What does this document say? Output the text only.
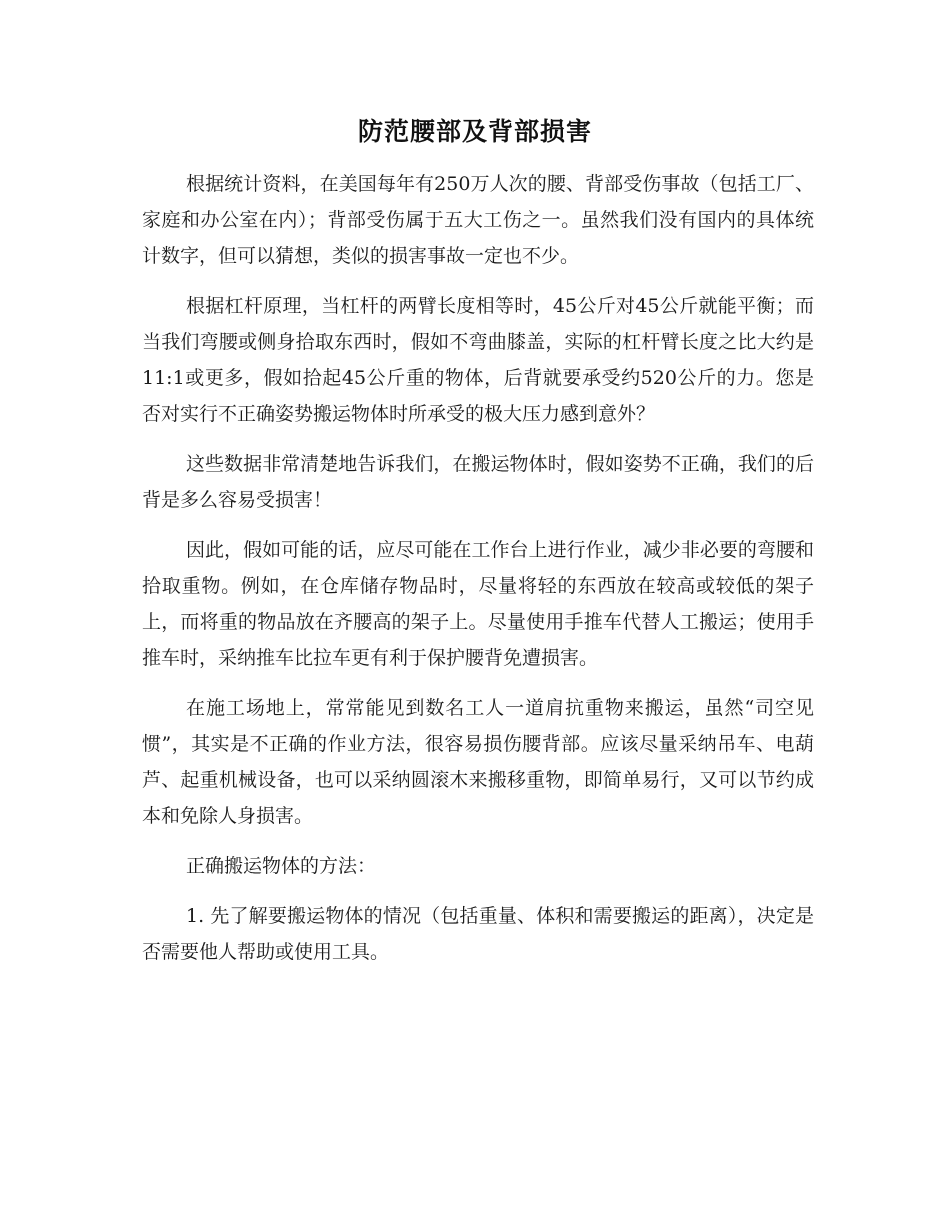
防范腰部及背部损害

根据统计资料，在美国每年有250万人次的腰、背部受伤事故（包括工厂、家庭和办公室在内）；背部受伤属于五大工伤之一。虽然我们没有国内的具体统计数字，但可以猜想，类似的损害事故一定也不少。

根据杠杆原理，当杠杆的两臂长度相等时，45公斤对45公斤就能平衡；而当我们弯腰或侧身拾取东西时，假如不弯曲膝盖，实际的杠杆臂长度之比大约是11:1或更多，假如拾起45公斤重的物体，后背就要承受约520公斤的力。您是否对实行不正确姿势搬运物体时所承受的极大压力感到意外？

这些数据非常清楚地告诉我们，在搬运物体时，假如姿势不正确，我们的后背是多么容易受损害！

因此，假如可能的话，应尽可能在工作台上进行作业，减少非必要的弯腰和拾取重物。例如，在仓库储存物品时，尽量将轻的东西放在较高或较低的架子上，而将重的物品放在齐腰高的架子上。尽量使用手推车代替人工搬运；使用手推车时，采纳推车比拉车更有利于保护腰背免遭损害。

在施工场地上，常常能见到数名工人一道肩抗重物来搬运，虽然“司空见惯”，其实是不正确的作业方法，很容易损伤腰背部。应该尽量采纳吊车、电葫芦、起重机械设备，也可以采纳圆滚木来搬移重物，即简单易行，又可以节约成本和免除人身损害。

正确搬运物体的方法：

1. 先了解要搬运物体的情况（包括重量、体积和需要搬运的距离），决定是否需要他人帮助或使用工具。
